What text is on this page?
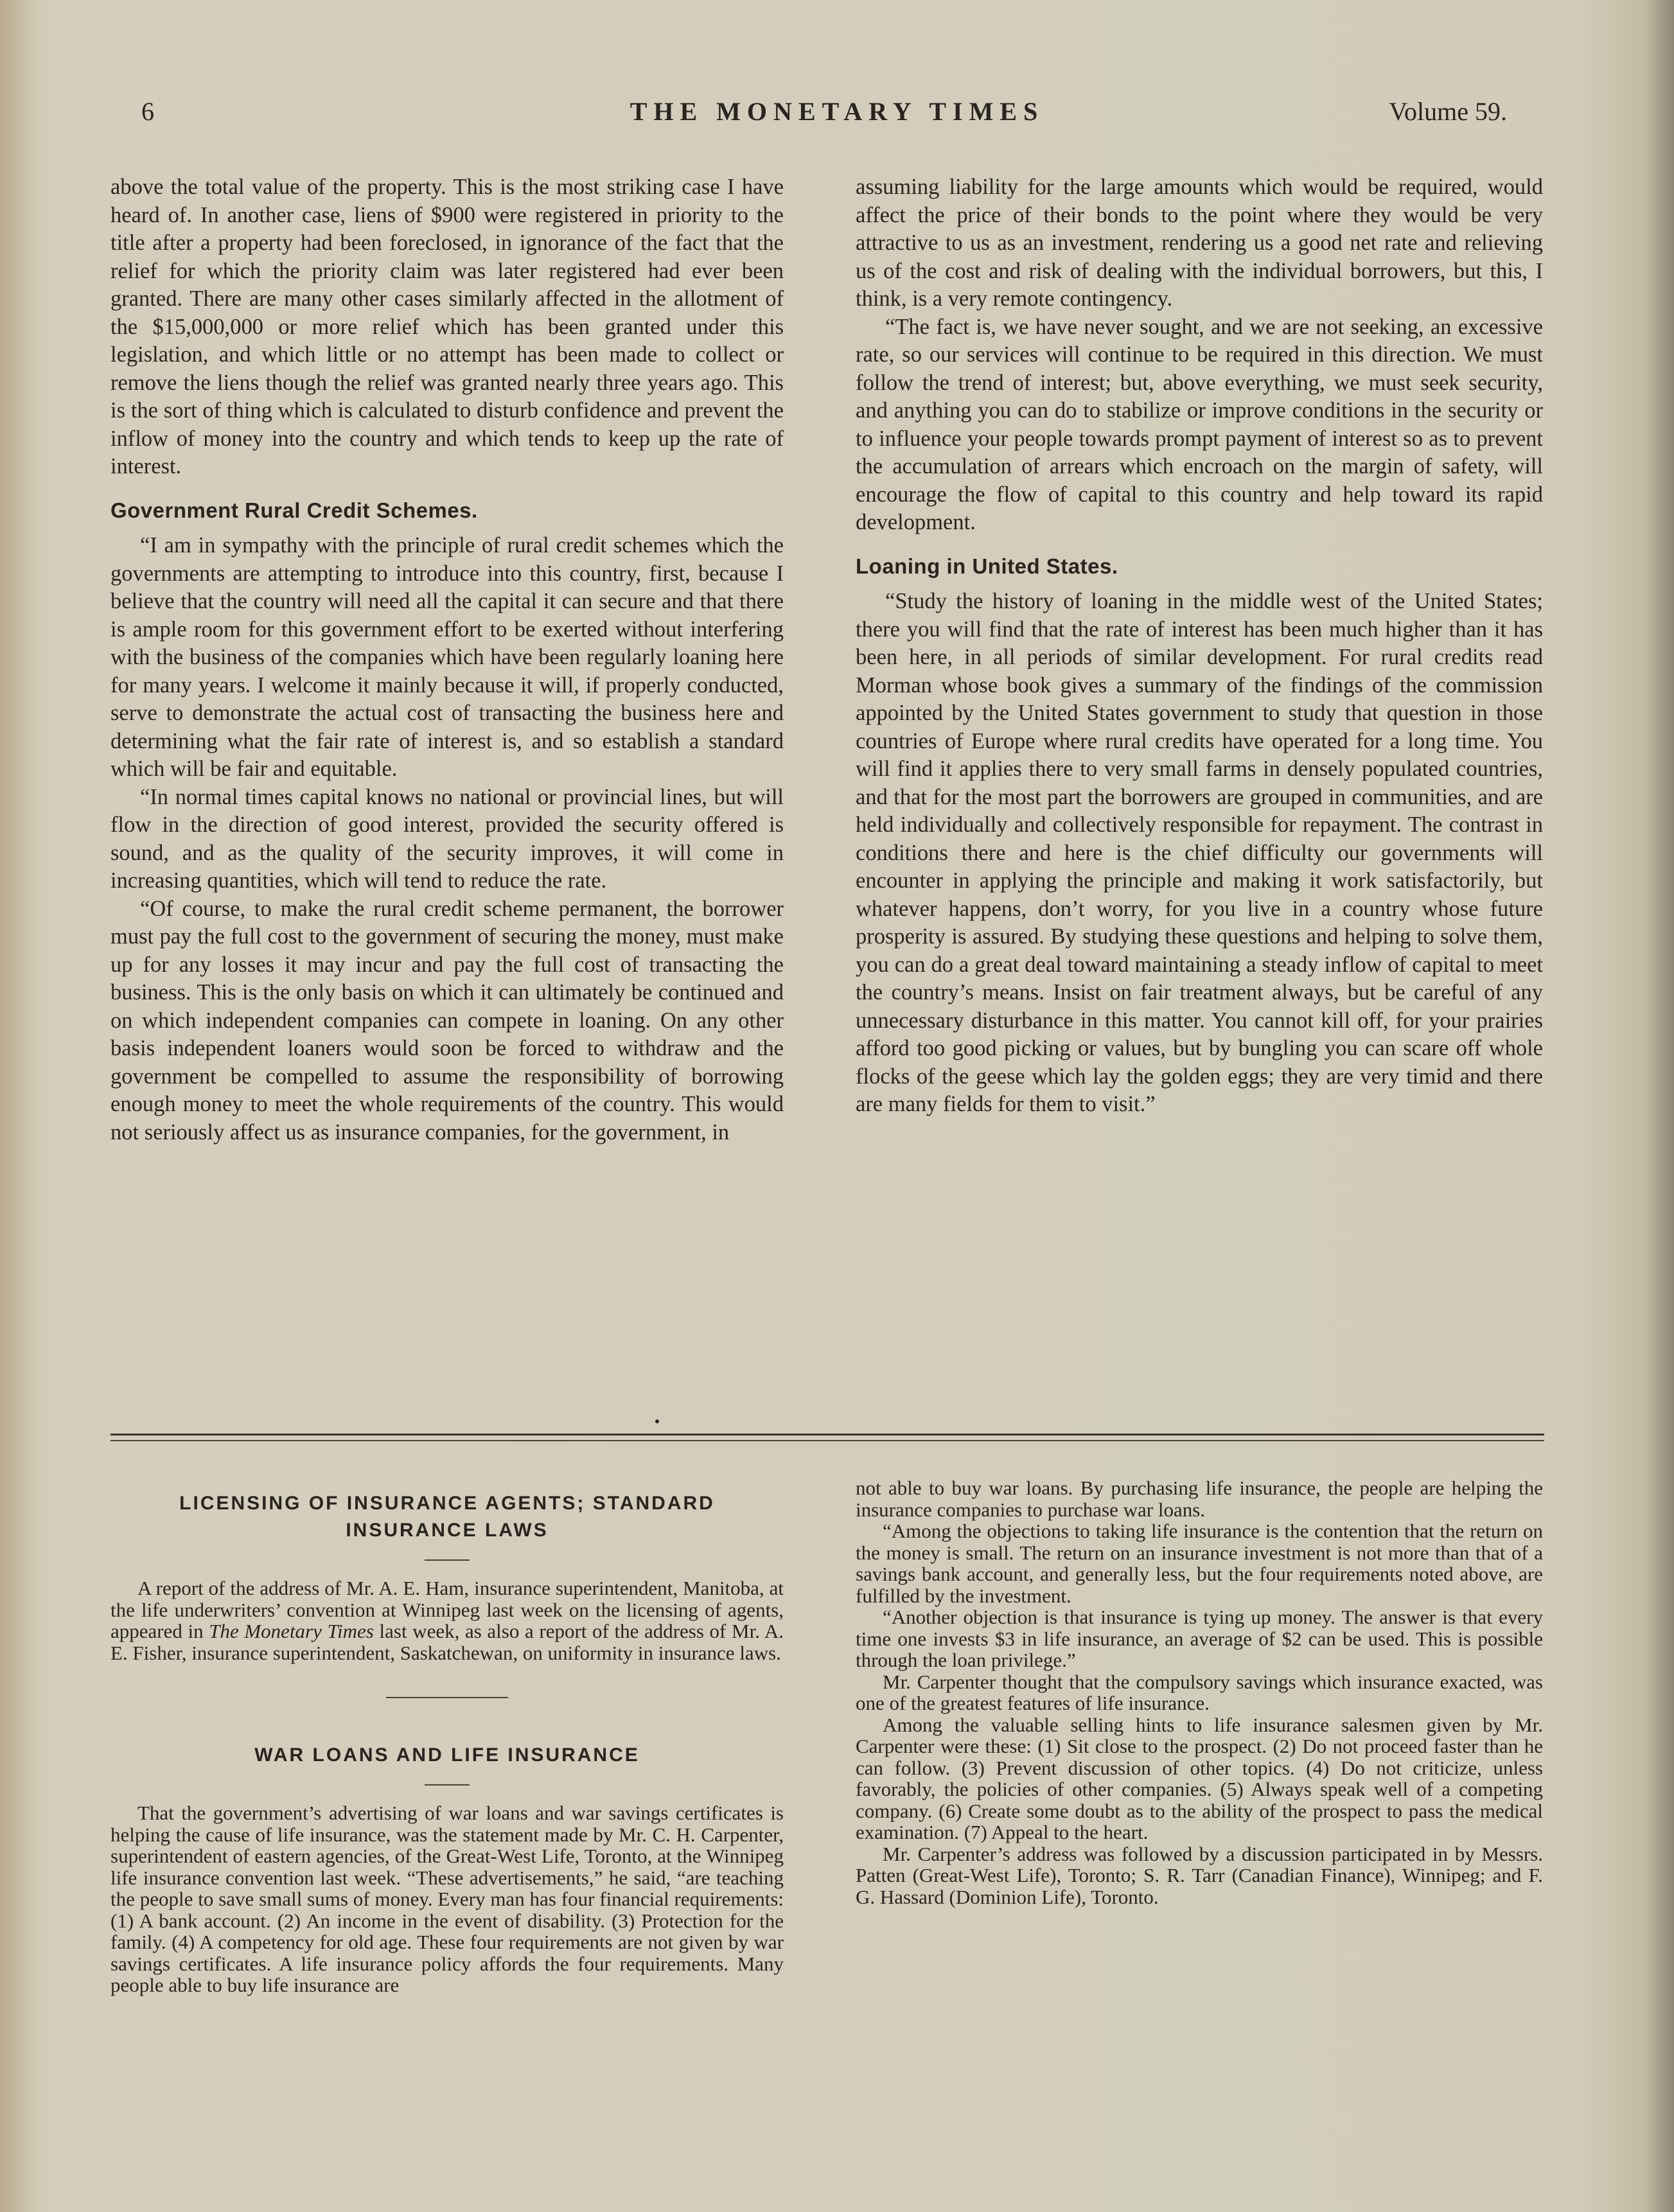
6	THE MONETARY TIMES	Volume 59.

above the total value of the property. This is the most striking case I have heard of. In another case, liens of $900 were registered in priority to the title after a property had been foreclosed, in ignorance of the fact that the relief for which the priority claim was later registered had ever been granted. There are many other cases similarly affected in the allotment of the $15,000,000 or more relief which has been granted under this legislation, and which little or no attempt has been made to collect or remove the liens though the relief was granted nearly three years ago. This is the sort of thing which is calculated to disturb confidence and prevent the inflow of money into the country and which tends to keep up the rate of interest.

Government Rural Credit Schemes.

“I am in sympathy with the principle of rural credit schemes which the governments are attempting to introduce into this country, first, because I believe that the country will need all the capital it can secure and that there is ample room for this government effort to be exerted without interfering with the business of the companies which have been regularly loaning here for many years. I welcome it mainly because it will, if properly conducted, serve to demonstrate the actual cost of transacting the business here and determining what the fair rate of interest is, and so establish a standard which will be fair and equitable.

“In normal times capital knows no national or provincial lines, but will flow in the direction of good interest, provided the security offered is sound, and as the quality of the security improves, it will come in increasing quantities, which will tend to reduce the rate.

“Of course, to make the rural credit scheme permanent, the borrower must pay the full cost to the government of securing the money, must make up for any losses it may incur and pay the full cost of transacting the business. This is the only basis on which it can ultimately be continued and on which independent companies can compete in loaning. On any other basis independent loaners would soon be forced to withdraw and the government be compelled to assume the responsibility of borrowing enough money to meet the whole requirements of the country. This would not seriously affect us as insurance companies, for the government, in

assuming liability for the large amounts which would be required, would affect the price of their bonds to the point where they would be very attractive to us as an investment, rendering us a good net rate and relieving us of the cost and risk of dealing with the individual borrowers, but this, I think, is a very remote contingency.

“The fact is, we have never sought, and we are not seeking, an excessive rate, so our services will continue to be required in this direction. We must follow the trend of interest; but, above everything, we must seek security, and anything you can do to stabilize or improve conditions in the security or to influence your people towards prompt payment of interest so as to prevent the accumulation of arrears which encroach on the margin of safety, will encourage the flow of capital to this country and help toward its rapid development.

Loaning in United States.

“Study the history of loaning in the middle west of the United States; there you will find that the rate of interest has been much higher than it has been here, in all periods of similar development. For rural credits read Morman whose book gives a summary of the findings of the commission appointed by the United States government to study that question in those countries of Europe where rural credits have operated for a long time. You will find it applies there to very small farms in densely populated countries, and that for the most part the borrowers are grouped in communities, and are held individually and collectively responsible for repayment. The contrast in conditions there and here is the chief difficulty our governments will encounter in applying the principle and making it work satisfactorily, but whatever happens, don’t worry, for you live in a country whose future prosperity is assured. By studying these questions and helping to solve them, you can do a great deal toward maintaining a steady inflow of capital to meet the country’s means. Insist on fair treatment always, but be careful of any unnecessary disturbance in this matter. You cannot kill off, for your prairies afford too good picking or values, but by bungling you can scare off whole flocks of the geese which lay the golden eggs; they are very timid and there are many fields for them to visit.”

LICENSING OF INSURANCE AGENTS; STANDARD INSURANCE LAWS

A report of the address of Mr. A. E. Ham, insurance superintendent, Manitoba, at the life underwriters’ convention at Winnipeg last week on the licensing of agents, appeared in The Monetary Times last week, as also a report of the address of Mr. A. E. Fisher, insurance superintendent, Saskatchewan, on uniformity in insurance laws.

WAR LOANS AND LIFE INSURANCE

That the government’s advertising of war loans and war savings certificates is helping the cause of life insurance, was the statement made by Mr. C. H. Carpenter, superintendent of eastern agencies, of the Great-West Life, Toronto, at the Winnipeg life insurance convention last week. “These advertisements,” he said, “are teaching the people to save small sums of money. Every man has four financial requirements: (1) A bank account. (2) An income in the event of disability. (3) Protection for the family. (4) A competency for old age. These four requirements are not given by war savings certificates. A life insurance policy affords the four requirements. Many people able to buy life insurance are

not able to buy war loans. By purchasing life insurance, the people are helping the insurance companies to purchase war loans.

“Among the objections to taking life insurance is the contention that the return on the money is small. The return on an insurance investment is not more than that of a savings bank account, and generally less, but the four requirements noted above, are fulfilled by the investment.

“Another objection is that insurance is tying up money. The answer is that every time one invests $3 in life insurance, an average of $2 can be used. This is possible through the loan privilege.”

Mr. Carpenter thought that the compulsory savings which insurance exacted, was one of the greatest features of life insurance.

Among the valuable selling hints to life insurance salesmen given by Mr. Carpenter were these: (1) Sit close to the prospect. (2) Do not proceed faster than he can follow. (3) Prevent discussion of other topics. (4) Do not criticize, unless favorably, the policies of other companies. (5) Always speak well of a competing company. (6) Create some doubt as to the ability of the prospect to pass the medical examination. (7) Appeal to the heart.

Mr. Carpenter’s address was followed by a discussion participated in by Messrs. Patten (Great-West Life), Toronto; S. R. Tarr (Canadian Finance), Winnipeg; and F. G. Hassard (Dominion Life), Toronto.
